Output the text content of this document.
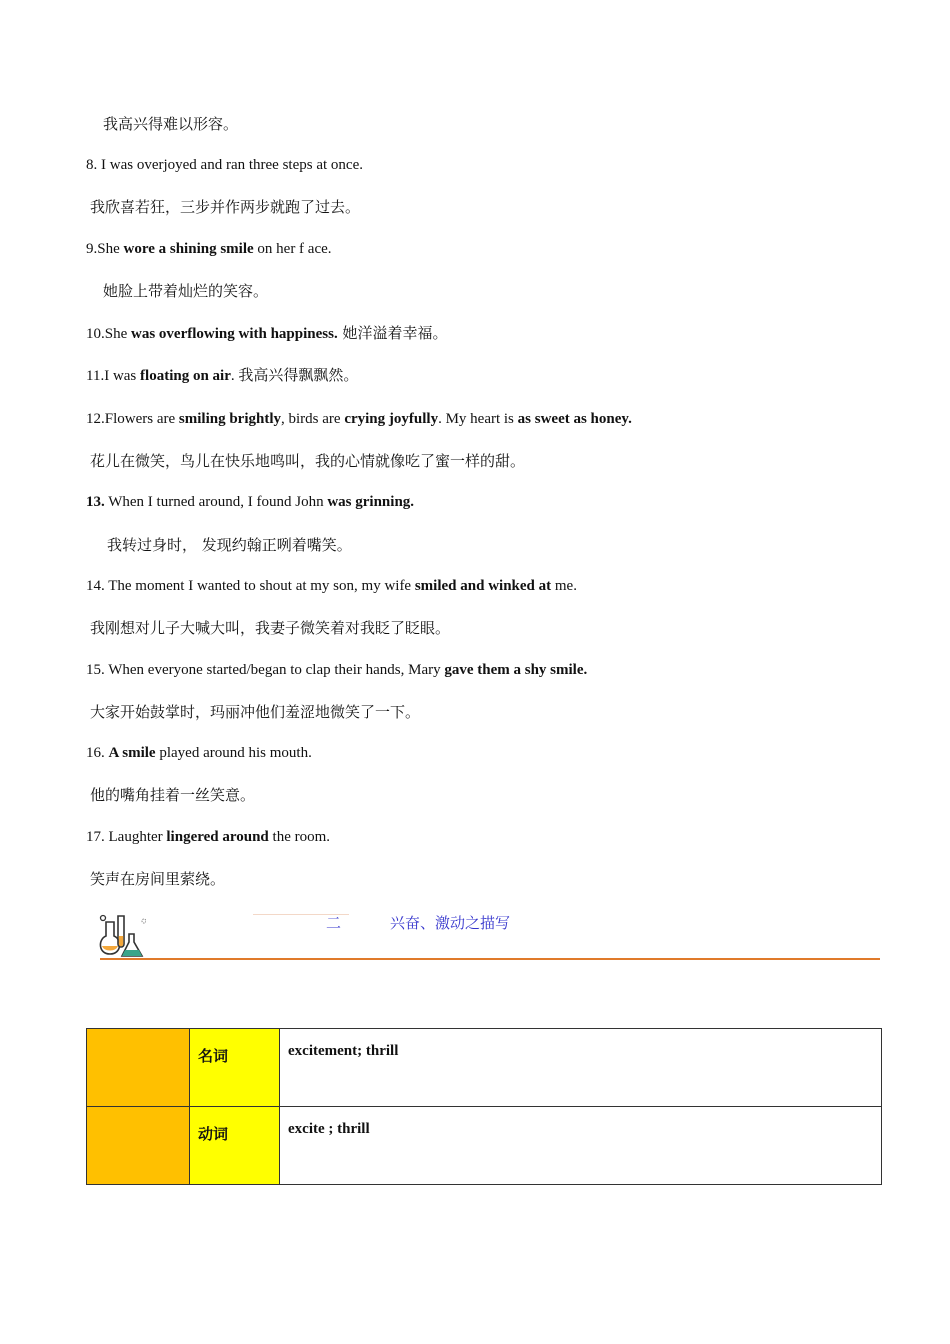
我高兴得难以形容。
8. I was overjoyed and ran three steps at once.
我欣喜若狂，三步并作两步就跑了过去。
9.She wore a shining smile on her f ace.
她脸上带着灿烂的笑容。
10.She was overflowing with happiness. 她洋溢着幸福。
11.I was floating on air. 我高兴得飘飘然。
12.Flowers are smiling brightly, birds are crying joyfully. My heart is as sweet as honey.
花儿在微笑，鸟儿在快乐地鸣叫，我的心情就像吃了蜜一样的甜。
13. When I turned around, I found John was grinning.
我转过身时， 发现约翰正咧着嘴笑。
14. The moment I wanted to shout at my son, my wife smiled and winked at me.
我刚想对儿子大喊大叫，我妻子微笑着对我眨了眨眼。
15. When everyone started/began to clap their hands, Mary gave them a shy smile.
大家开始鼓掌时，玛丽冲他们羞涩地微笑了一下。
16. A smile played around his mouth.
他的嘴角挂着一丝笑意。
17. Laughter lingered around the room.
笑声在房间里萦绕。
二	兴奋、激动之描写

	名词	excitement; thrill

	动词	excite ; thrill
